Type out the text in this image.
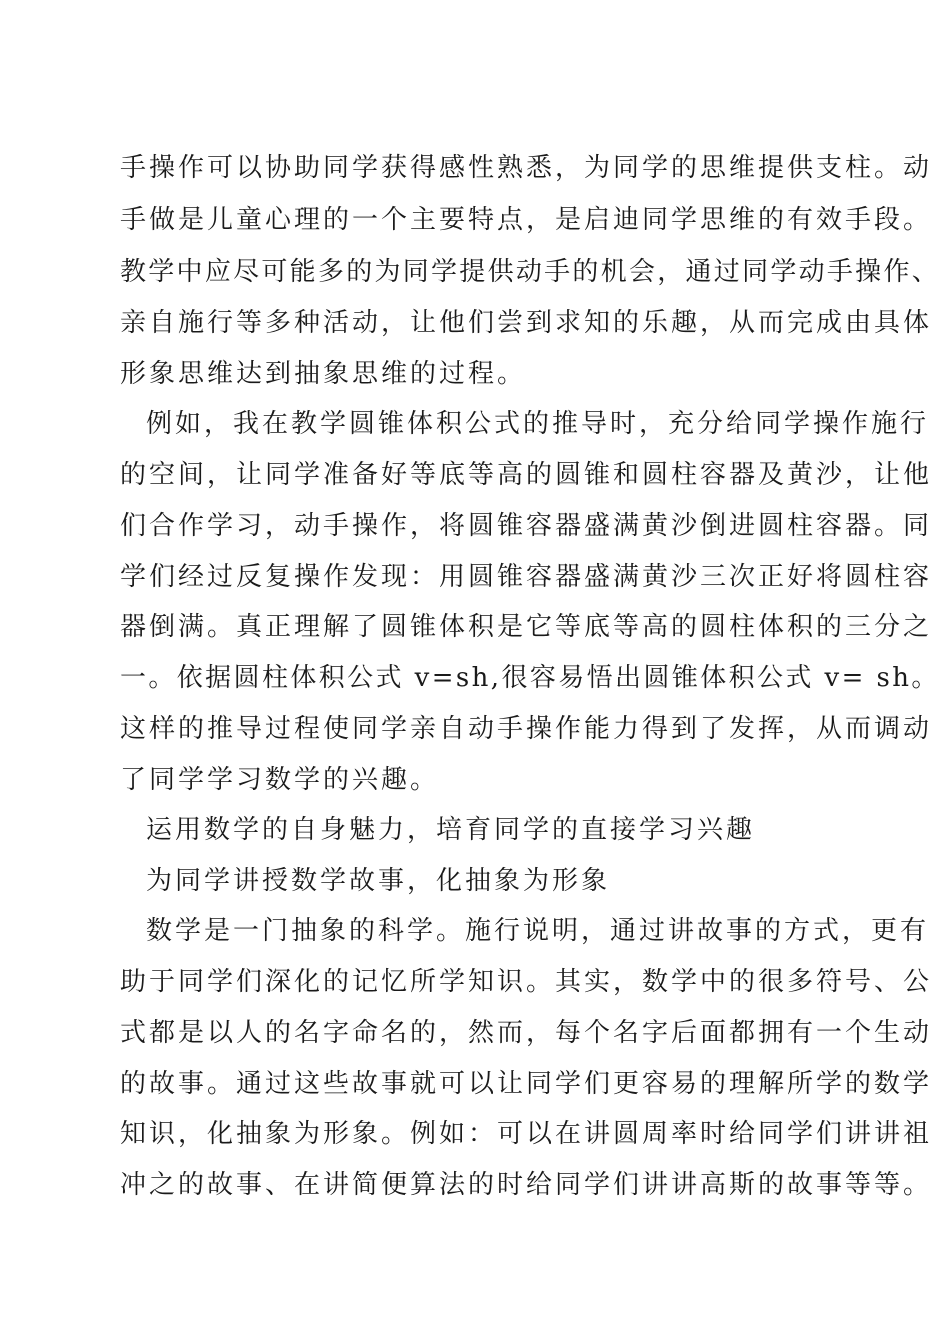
手操作可以协助同学获得感性熟悉，为同学的思维提供支柱。动
手做是儿童心理的一个主要特点，是启迪同学思维的有效手段。
教学中应尽可能多的为同学提供动手的机会，通过同学动手操作、
亲自施行等多种活动，让他们尝到求知的乐趣，从而完成由具体
形象思维达到抽象思维的过程。
例如，我在教学圆锥体积公式的推导时，充分给同学操作施行
的空间，让同学准备好等底等高的圆锥和圆柱容器及黄沙，让他
们合作学习，动手操作，将圆锥容器盛满黄沙倒进圆柱容器。同
学们经过反复操作发现：用圆锥容器盛满黄沙三次正好将圆柱容
器倒满。真正理解了圆锥体积是它等底等高的圆柱体积的三分之
一。依据圆柱体积公式 v=sh,很容易悟出圆锥体积公式 v= sh。
这样的推导过程使同学亲自动手操作能力得到了发挥，从而调动
了同学学习数学的兴趣。
运用数学的自身魅力，培育同学的直接学习兴趣
为同学讲授数学故事，化抽象为形象
数学是一门抽象的科学。施行说明，通过讲故事的方式，更有
助于同学们深化的记忆所学知识。其实，数学中的很多符号、公
式都是以人的名字命名的，然而，每个名字后面都拥有一个生动
的故事。通过这些故事就可以让同学们更容易的理解所学的数学
知识，化抽象为形象。例如：可以在讲圆周率时给同学们讲讲祖
冲之的故事、在讲简便算法的时给同学们讲讲高斯的故事等等。
